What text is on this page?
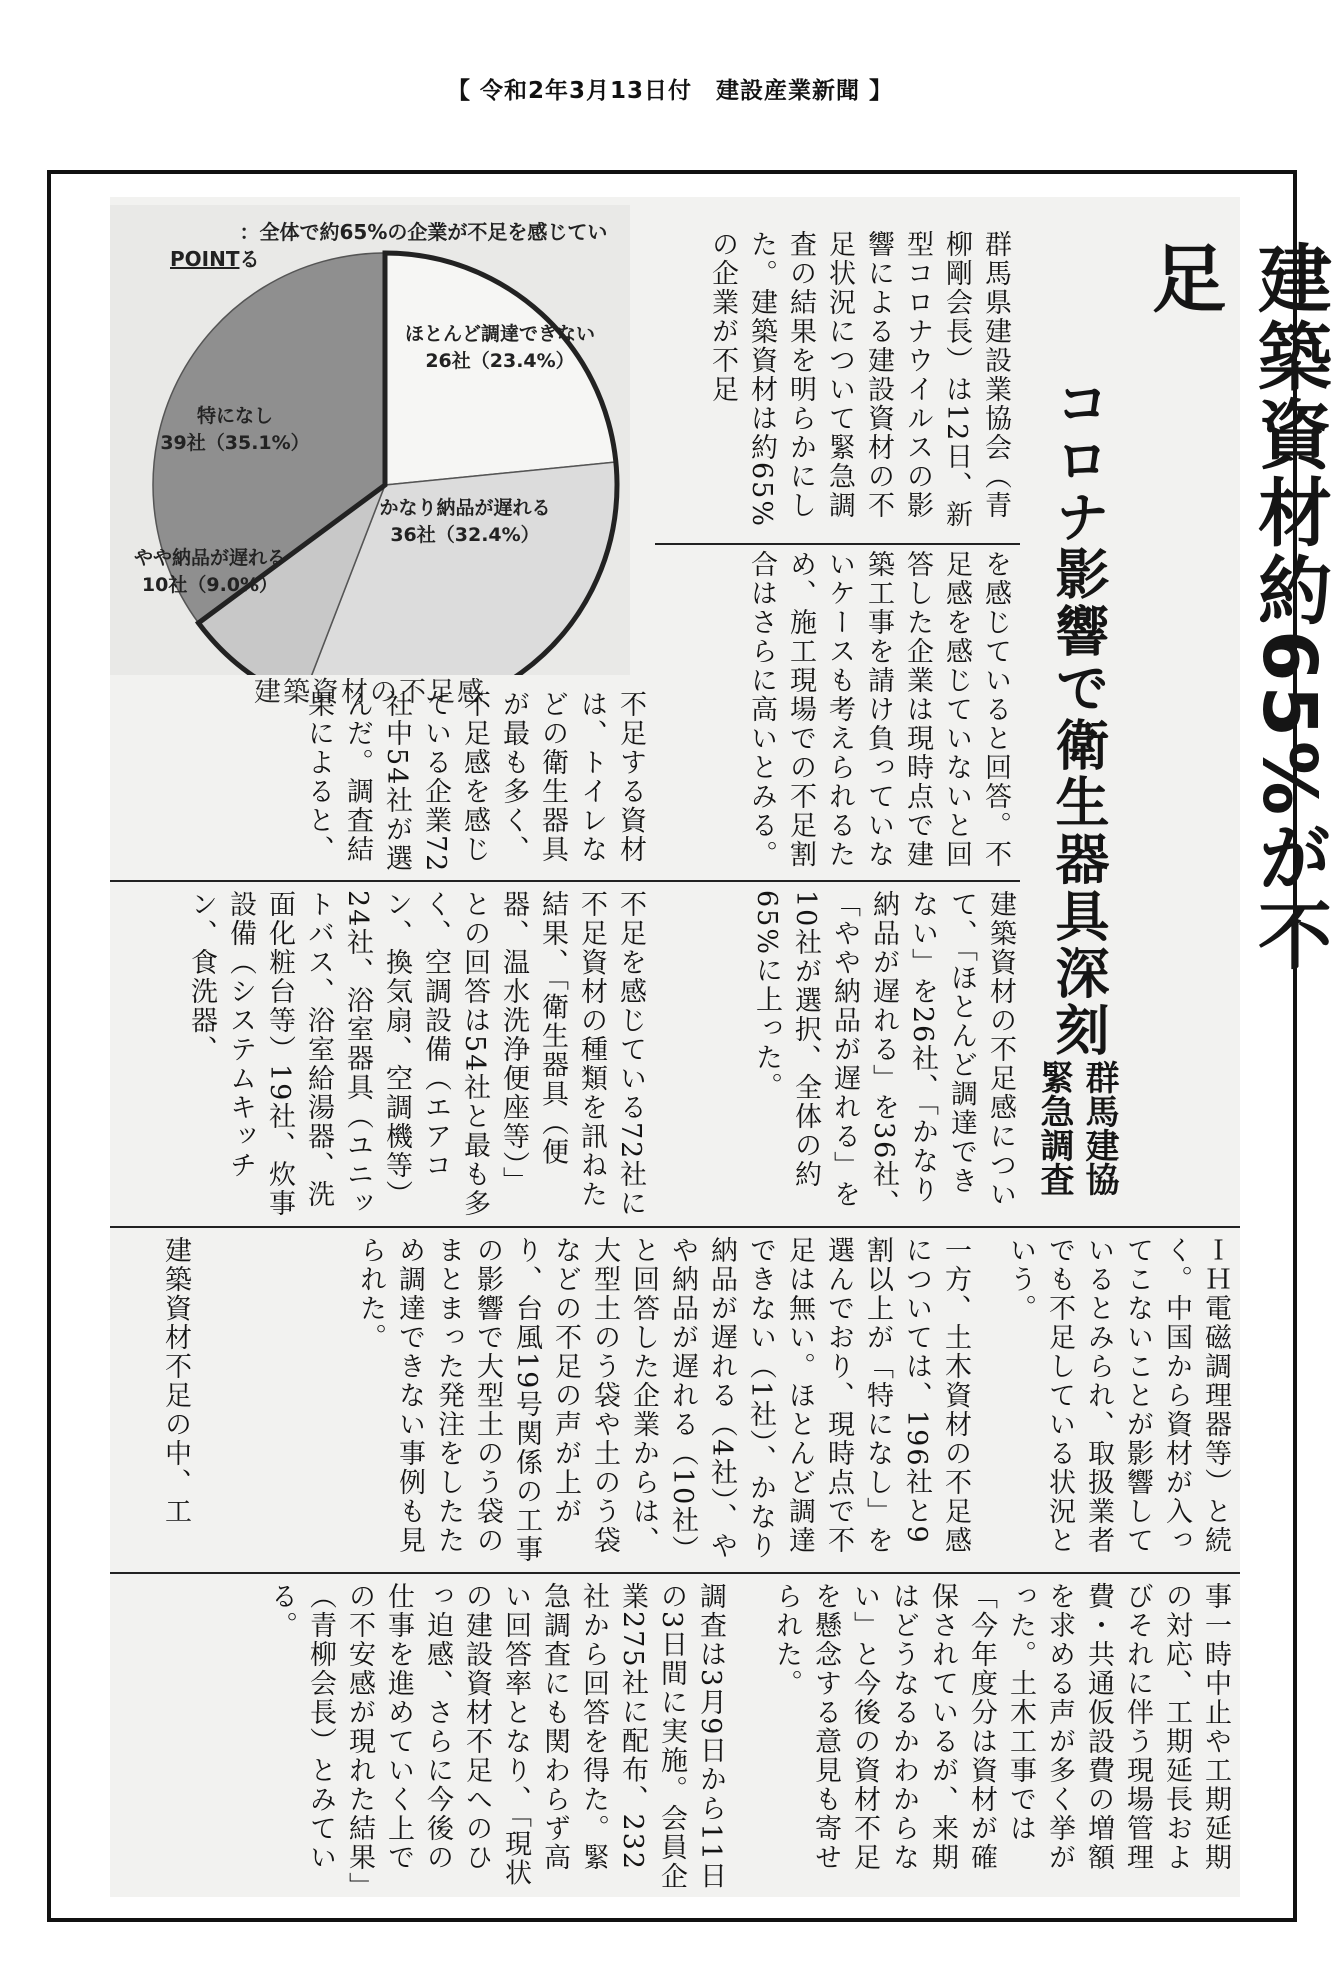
【 令和2年3月13日付　建設産業新聞 】
POINT：全体で約65%の企業が不足を感じている
ほとんど調達できない
26社（23.4%）
かなり納品が遅れる
36社（32.4%）
やや納品が遅れる
10社（9.0%）
特になし
39社（35.1%）
建築資材の不足感	建築資材約65%が不足
コロナ影響で衛生器具深刻
群馬建協
緊急調査
群馬県建設業協会（青柳剛会長）は12日、新型コロナウイルスの影響による建設資材の不足状況について緊急調査の結果を明らかにした。建築資材は約65%の企業が不足
を感じていると回答。不足感を感じていないと回答した企業は現時点で建築工事を請け負っていないケースも考えられるため、施工現場での不足割合はさらに高いとみる。
不足する資材は、トイレなどの衛生器具が最も多く、不足感を感じている企業72社中54社が選んだ。調査結果によると、
建築資材の不足感について、「ほとんど調達できない」を26社、「かなり納品が遅れる」を36社、「やや納品が遅れる」を10社が選択、全体の約65%に上った。
不足を感じている72社に不足資材の種類を訊ねた結果、「衛生器具（便器、温水洗浄便座等）」との回答は54社と最も多く、空調設備（エアコン、換気扇、空調機等）24社、浴室器具（ユニットバス、浴室給湯器、洗面化粧台等）19社、炊事設備（システムキッチン、食洗器、
ＩＨ電磁調理器等）と続く。中国から資材が入ってこないことが影響しているとみられ、取扱業者でも不足している状況という。
一方、土木資材の不足感については、196社と9割以上が「特になし」を選んでおり、現時点で不足は無い。ほとんど調達できない（1社）、かなり納品が遅れる（4社）、やや納品が遅れる（10社）と回答した企業からは、大型土のう袋や土のう袋などの不足の声が上がり、台風19号関係の工事の影響で大型土のう袋のまとまった発注をしたため調達できない事例も見られた。
建築資材不足の中、工
事一時中止や工期延期の対応、工期延長およびそれに伴う現場管理費・共通仮設費の増額を求める声が多く挙がった。土木工事では「今年度分は資材が確保されているが、来期はどうなるかわからない」と今後の資材不足を懸念する意見も寄せられた。
調査は3月9日から11日の3日間に実施。会員企業275社に配布、232社から回答を得た。緊急調査にも関わらず高い回答率となり、「現状の建設資材不足へのひっ迫感、さらに今後の仕事を進めていく上での不安感が現れた結果」（青柳会長）とみている。
